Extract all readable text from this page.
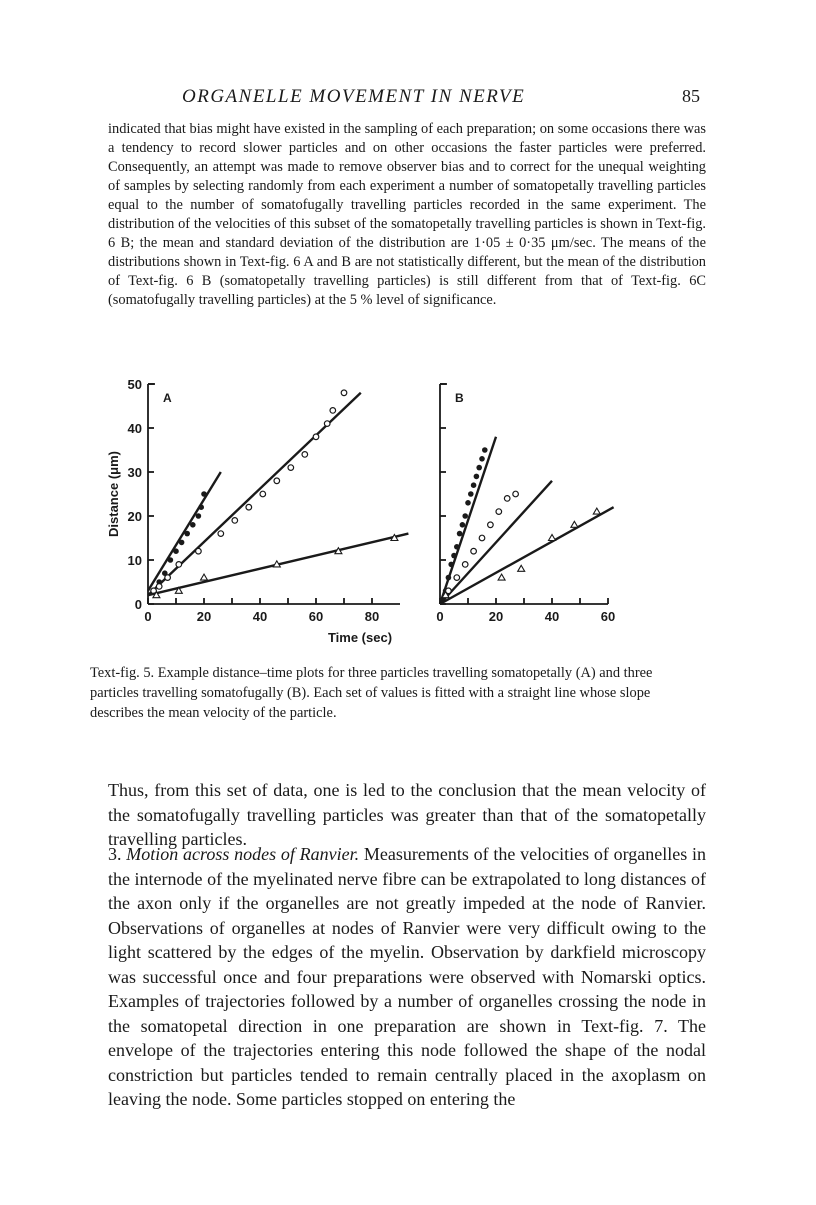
ORGANELLE MOVEMENT IN NERVE	85

indicated that bias might have existed in the sampling of each preparation; on some occasions there was a tendency to record slower particles and on other occasions the faster particles were preferred. Consequently, an attempt was made to remove observer bias and to correct for the unequal weighting of samples by selecting randomly from each experiment a number of somatopetally travelling particles equal to the number of somatofugally travelling particles recorded in the same experiment. The distribution of the velocities of this subset of the somatopetally travelling particles is shown in Text-fig. 6 B; the mean and standard deviation of the distribution are 1·05 ± 0·35 μm/sec. The means of the distributions shown in Text-fig. 6 A and B are not statistically different, but the mean of the distribution of Text-fig. 6 B (somatopetally travelling particles) is still different from that of Text-fig. 6C (somatofugally travelling particles) at the 5 % level of significance.

0
10
20
30
40
50
0	20	40	60	80
A
Distance (μm)
0	20	40	60
B
Time (sec)

Text-fig. 5. Example distance–time plots for three particles travelling somatopetally (A) and three particles travelling somatofugally (B). Each set of values is fitted with a straight line whose slope describes the mean velocity of the particle.

Thus, from this set of data, one is led to the conclusion that the mean velocity of the somatofugally travelling particles was greater than that of the somatopetally travelling particles.

3. Motion across nodes of Ranvier. Measurements of the velocities of organelles in the internode of the myelinated nerve fibre can be extrapolated to long distances of the axon only if the organelles are not greatly impeded at the node of Ranvier. Observations of organelles at nodes of Ranvier were very difficult owing to the light scattered by the edges of the myelin. Observation by darkfield microscopy was successful once and four preparations were observed with Nomarski optics. Examples of trajectories followed by a number of organelles crossing the node in the somatopetal direction in one preparation are shown in Text-fig. 7. The envelope of the trajectories entering this node followed the shape of the nodal constriction but particles tended to remain centrally placed in the axoplasm on leaving the node. Some particles stopped on entering the
